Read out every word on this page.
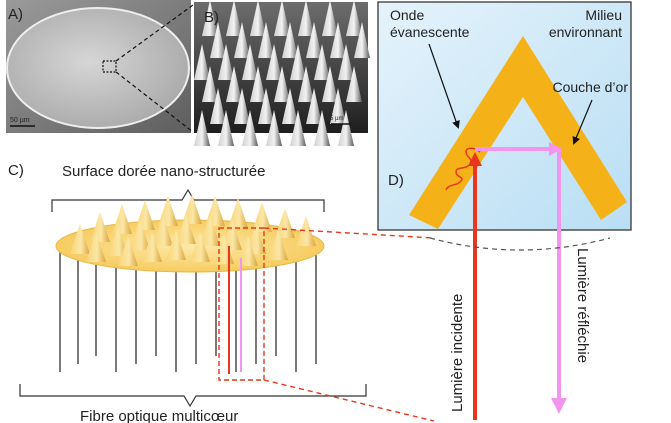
A)
50 µm
B)
5 µm
C)	Surface dorée nano-structurée
Fibre optique multicœur
D)
Onde
évanescente
Milieu
environnant
Couche d’or
Lumière incidente	Lumière réfléchie
